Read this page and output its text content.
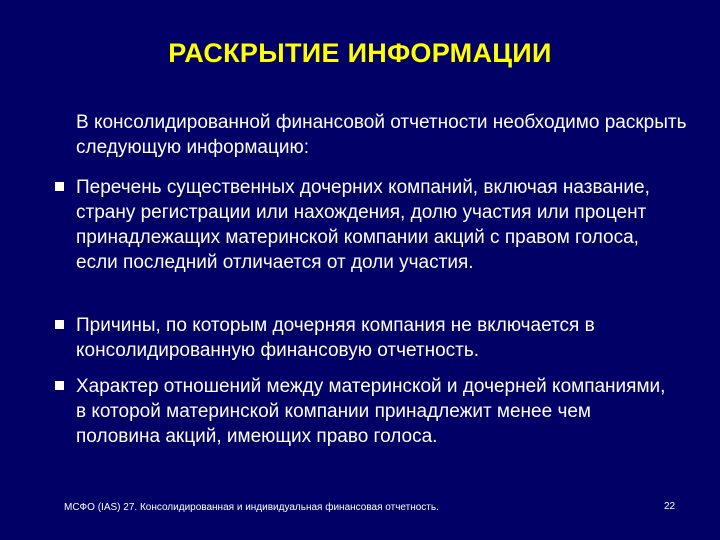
РАСКРЫТИЕ ИНФОРМАЦИИ
В консолидированной финансовой отчетности необходимо раскрыть следующую информацию:
Перечень существенных дочерних компаний, включая название, страну регистрации или нахождения, долю участия или процент принадлежащих материнской компании акций с правом голоса, если последний отличается от доли участия.
Причины, по которым дочерняя компания не включается в консолидированную финансовую отчетность.
Характер отношений между материнской и дочерней компаниями, в которой материнской компании принадлежит менее чем половина акций, имеющих право голоса.
МСФО (IAS) 27. Консолидированная и индивидуальная финансовая отчетность.	22
